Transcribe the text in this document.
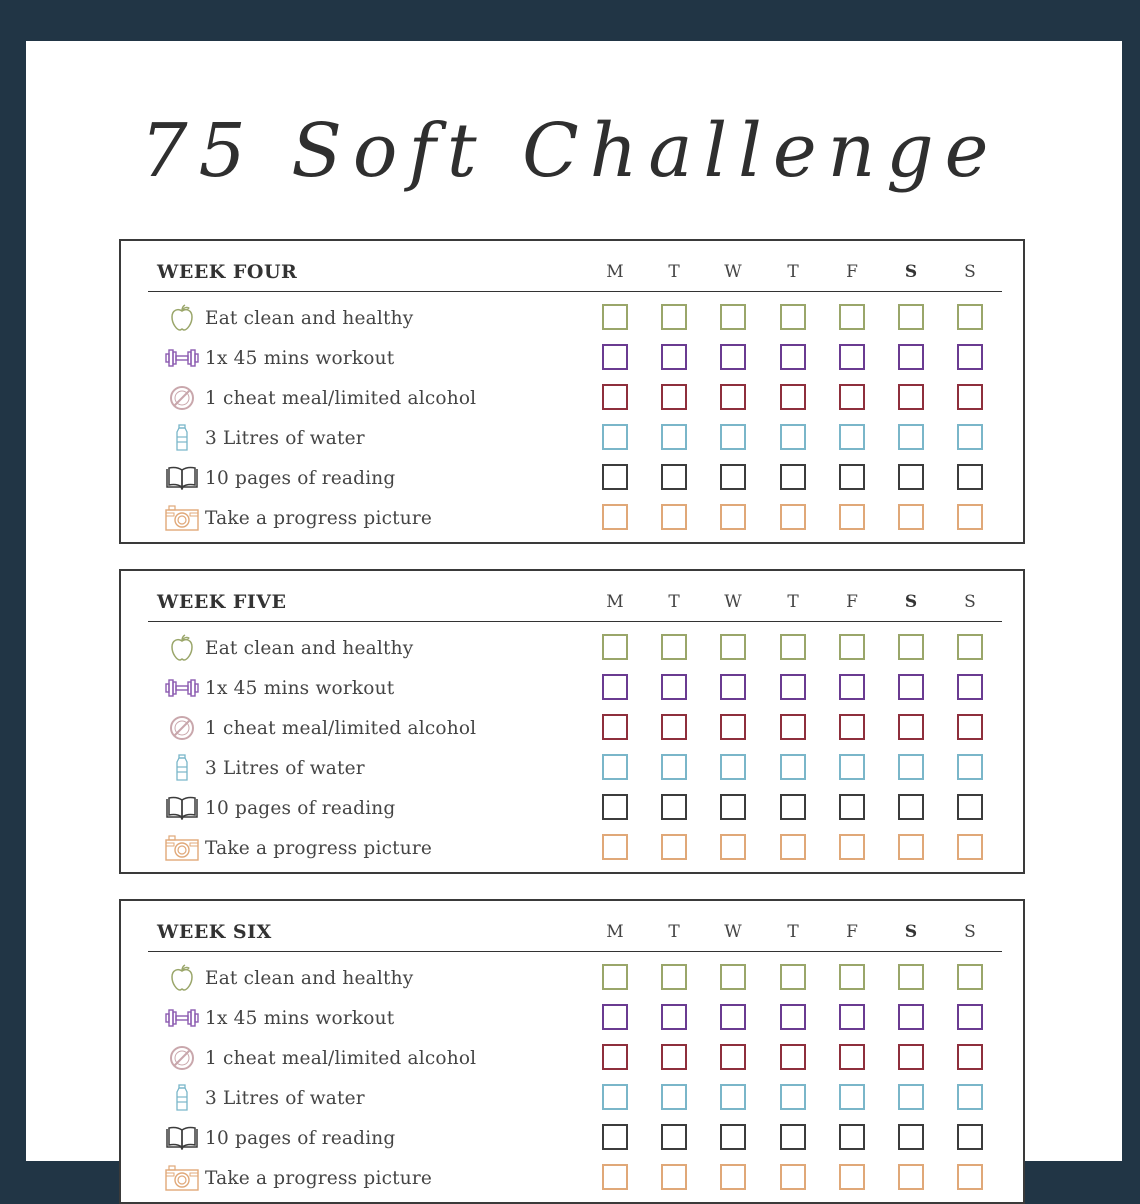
75 Soft Challenge
WEEK FOUR	M	T	W	T	F	S	S
Eat clean and healthy
1x 45 mins workout
1 cheat meal/limited alcohol
3 Litres of water
10 pages of reading
Take a progress picture
WEEK FIVE	M	T	W	T	F	S	S
Eat clean and healthy
1x 45 mins workout
1 cheat meal/limited alcohol
3 Litres of water
10 pages of reading
Take a progress picture
WEEK SIX	M	T	W	T	F	S	S
Eat clean and healthy
1x 45 mins workout
1 cheat meal/limited alcohol
3 Litres of water
10 pages of reading
Take a progress picture
